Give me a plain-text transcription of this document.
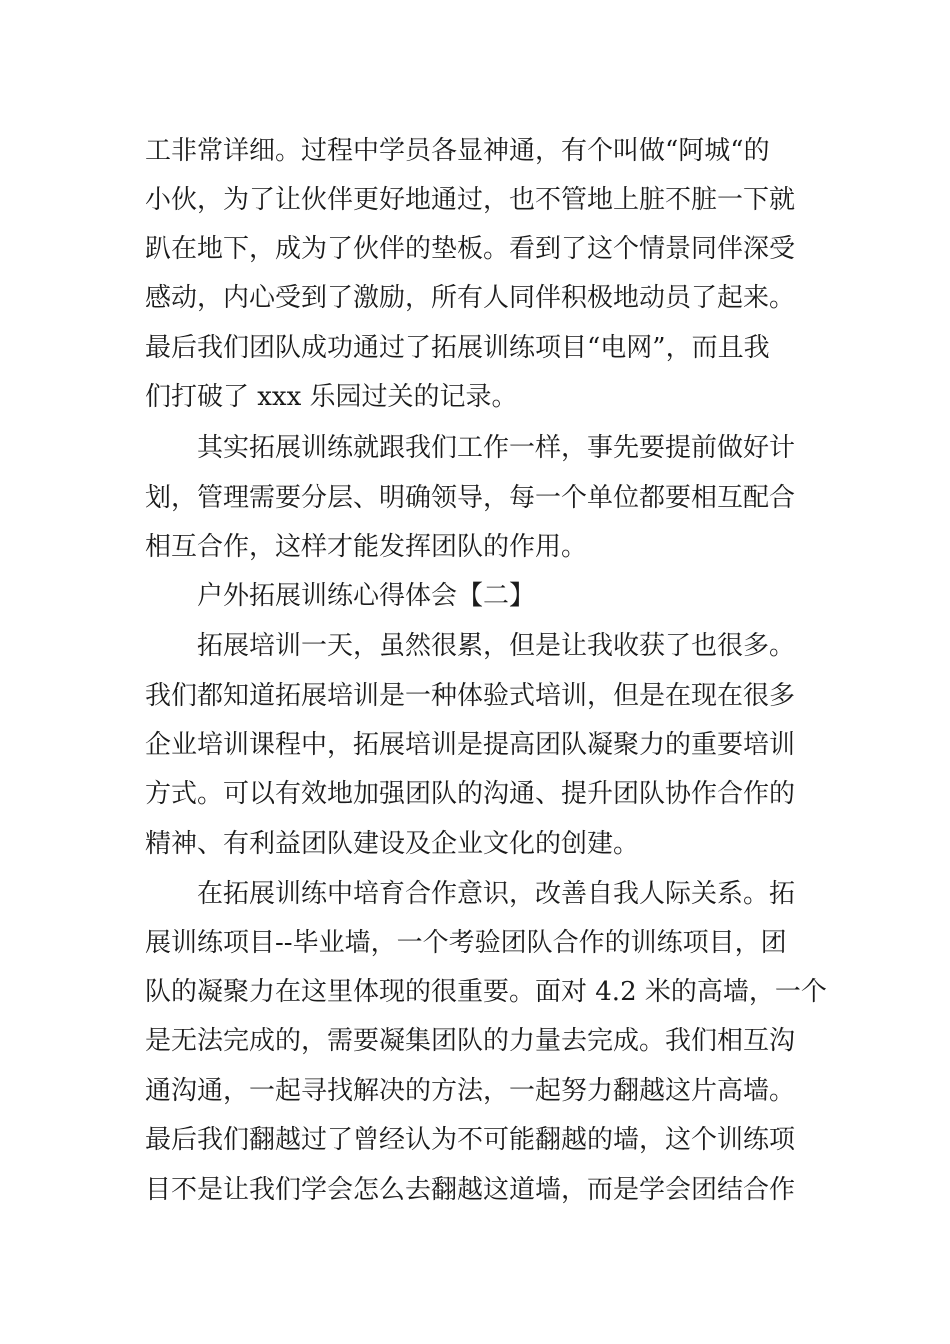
工非常详细。过程中学员各显神通，有个叫做“阿城“的
小伙，为了让伙伴更好地通过，也不管地上脏不脏一下就
趴在地下，成为了伙伴的垫板。看到了这个情景同伴深受
感动，内心受到了激励，所有人同伴积极地动员了起来。
最后我们团队成功通过了拓展训练项目“电网”，而且我
们打破了 xxx 乐园过关的记录。
其实拓展训练就跟我们工作一样，事先要提前做好计
划，管理需要分层、明确领导，每一个单位都要相互配合
相互合作，这样才能发挥团队的作用。
户外拓展训练心得体会【二】
拓展培训一天，虽然很累，但是让我收获了也很多。
我们都知道拓展培训是一种体验式培训，但是在现在很多
企业培训课程中，拓展培训是提高团队凝聚力的重要培训
方式。可以有效地加强团队的沟通、提升团队协作合作的
精神、有利益团队建设及企业文化的创建。
在拓展训练中培育合作意识，改善自我人际关系。拓
展训练项目--毕业墙，一个考验团队合作的训练项目，团
队的凝聚力在这里体现的很重要。面对 4.2 米的高墙，一个
是无法完成的，需要凝集团队的力量去完成。我们相互沟
通沟通，一起寻找解决的方法，一起努力翻越这片高墙。
最后我们翻越过了曾经认为不可能翻越的墙，这个训练项
目不是让我们学会怎么去翻越这道墙，而是学会团结合作
